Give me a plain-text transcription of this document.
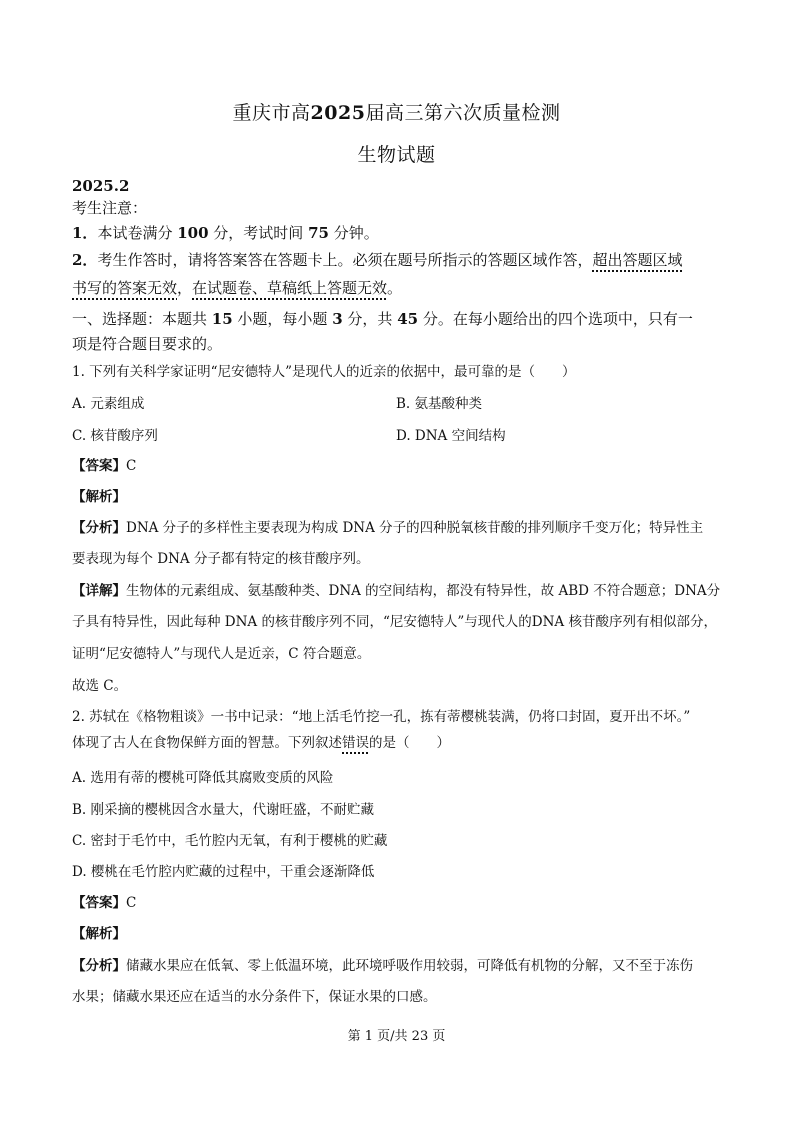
重庆市高2025届高三第六次质量检测
生物试题
2025.2
考生注意：
1．本试卷满分 100 分，考试时间 75 分钟。
2．考生作答时，请将答案答在答题卡上。必须在题号所指示的答题区域作答，超出答题区域
书写的答案无效，在试题卷、草稿纸上答题无效。
一、选择题：本题共 15 小题，每小题 3 分，共 45 分。在每小题给出的四个选项中，只有一
项是符合题目要求的。
1. 下列有关科学家证明“尼安德特人”是现代人的近亲的依据中，最可靠的是（　　）
A. 元素组成	B. 氨基酸种类
C. 核苷酸序列	D. DNA 空间结构
【答案】C
【解析】
【分析】DNA 分子的多样性主要表现为构成 DNA 分子的四种脱氧核苷酸的排列顺序千变万化；特异性主
要表现为每个 DNA 分子都有特定的核苷酸序列。
【详解】生物体的元素组成、氨基酸种类、DNA 的空间结构，都没有特异性，故 ABD 不符合题意；DNA分
子具有特异性，因此每种 DNA 的核苷酸序列不同，“尼安德特人”与现代人的DNA 核苷酸序列有相似部分，
证明“尼安德特人”与现代人是近亲，C 符合题意。
故选 C。
2. 苏轼在《格物粗谈》一书中记录：“地上活毛竹挖一孔，拣有蒂樱桃装满，仍将口封固，夏开出不坏。”
体现了古人在食物保鲜方面的智慧。下列叙述错误的是（　　）
A. 选用有蒂的樱桃可降低其腐败变质的风险
B. 刚采摘的樱桃因含水量大，代谢旺盛，不耐贮藏
C. 密封于毛竹中，毛竹腔内无氧，有利于樱桃的贮藏
D. 樱桃在毛竹腔内贮藏的过程中，干重会逐渐降低
【答案】C
【解析】
【分析】储藏水果应在低氧、零上低温环境，此环境呼吸作用较弱，可降低有机物的分解，又不至于冻伤
水果；储藏水果还应在适当的水分条件下，保证水果的口感。
第 1 页/共 23 页
